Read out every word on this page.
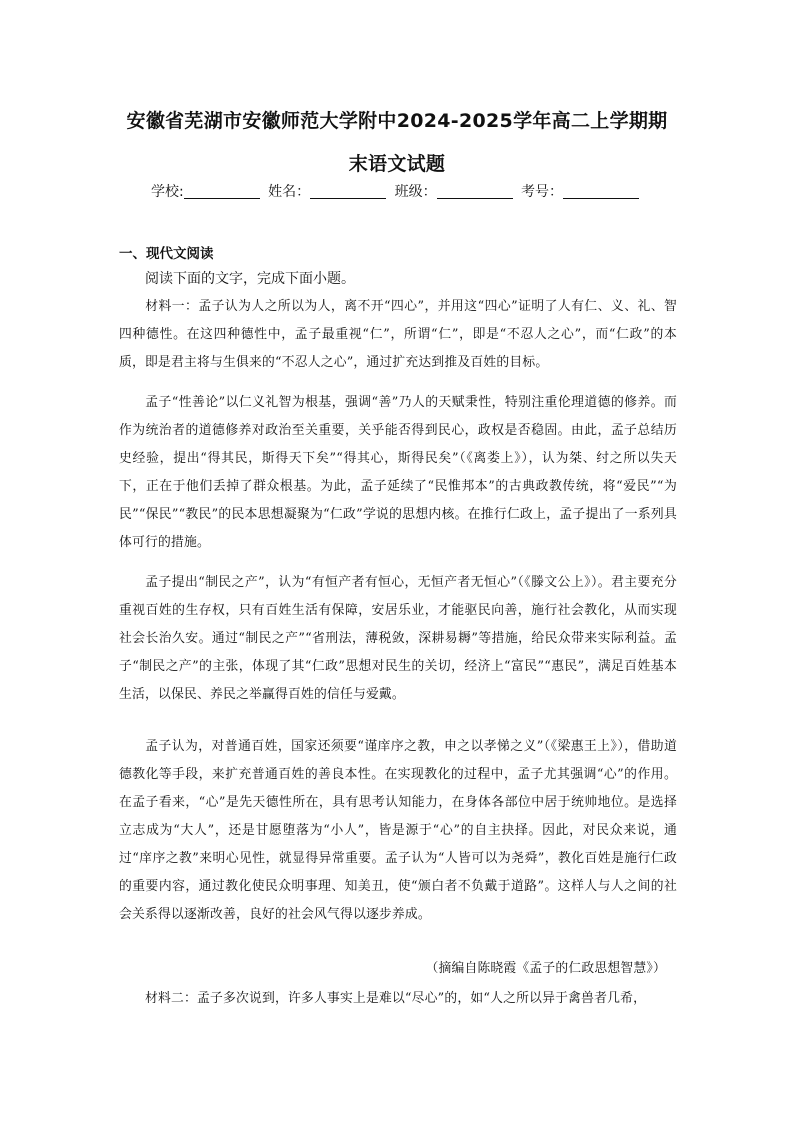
安徽省芜湖市安徽师范大学附中2024-2025学年高二上学期期
末语文试题
学校:	姓名：	班级：	考号：
一、现代文阅读
阅读下面的文字，完成下面小题。
材料一：孟子认为人之所以为人，离不开“四心”，并用这“四心”证明了人有仁、义、礼、智四种德性。在这四种德性中，孟子最重视“仁”，所谓“仁”，即是“不忍人之心”，而“仁政”的本质，即是君主将与生俱来的“不忍人之心”，通过扩充达到推及百姓的目标。
孟子“性善论”以仁义礼智为根基，强调“善”乃人的天赋秉性，特别注重伦理道德的修养。而作为统治者的道德修养对政治至关重要，关乎能否得到民心，政权是否稳固。由此，孟子总结历史经验，提出“得其民，斯得天下矣”“得其心，斯得民矣”（《离娄上》），认为桀、纣之所以失天下，正在于他们丢掉了群众根基。为此，孟子延续了“民惟邦本”的古典政教传统，将“爱民”“为民”“保民”“教民”的民本思想凝聚为“仁政”学说的思想内核。在推行仁政上，孟子提出了一系列具体可行的措施。
孟子提出“制民之产”，认为“有恒产者有恒心，无恒产者无恒心”（《滕文公上》）。君主要充分重视百姓的生存权，只有百姓生活有保障，安居乐业，才能驱民向善，施行社会教化，从而实现社会长治久安。通过“制民之产”“省刑法，薄税敛，深耕易耨”等措施，给民众带来实际利益。孟子“制民之产”的主张，体现了其“仁政”思想对民生的关切，经济上“富民”“惠民”，满足百姓基本生活，以保民、养民之举赢得百姓的信任与爱戴。
孟子认为，对普通百姓，国家还须要“谨庠序之教，申之以孝悌之义”（《梁惠王上》），借助道德教化等手段，来扩充普通百姓的善良本性。在实现教化的过程中，孟子尤其强调“心”的作用。在孟子看来，“心”是先天德性所在，具有思考认知能力，在身体各部位中居于统帅地位。是选择立志成为“大人”，还是甘愿堕落为“小人”，皆是源于“心”的自主抉择。因此，对民众来说，通过“庠序之教”来明心见性，就显得异常重要。孟子认为“人皆可以为尧舜”，教化百姓是施行仁政的重要内容，通过教化使民众明事理、知美丑，使“颁白者不负戴于道路”。这样人与人之间的社会关系得以逐渐改善，良好的社会风气得以逐步养成。
（摘编自陈晓霞《孟子的仁政思想智慧》）
材料二：孟子多次说到，许多人事实上是难以“尽心”的，如“人之所以异于禽兽者几希，
